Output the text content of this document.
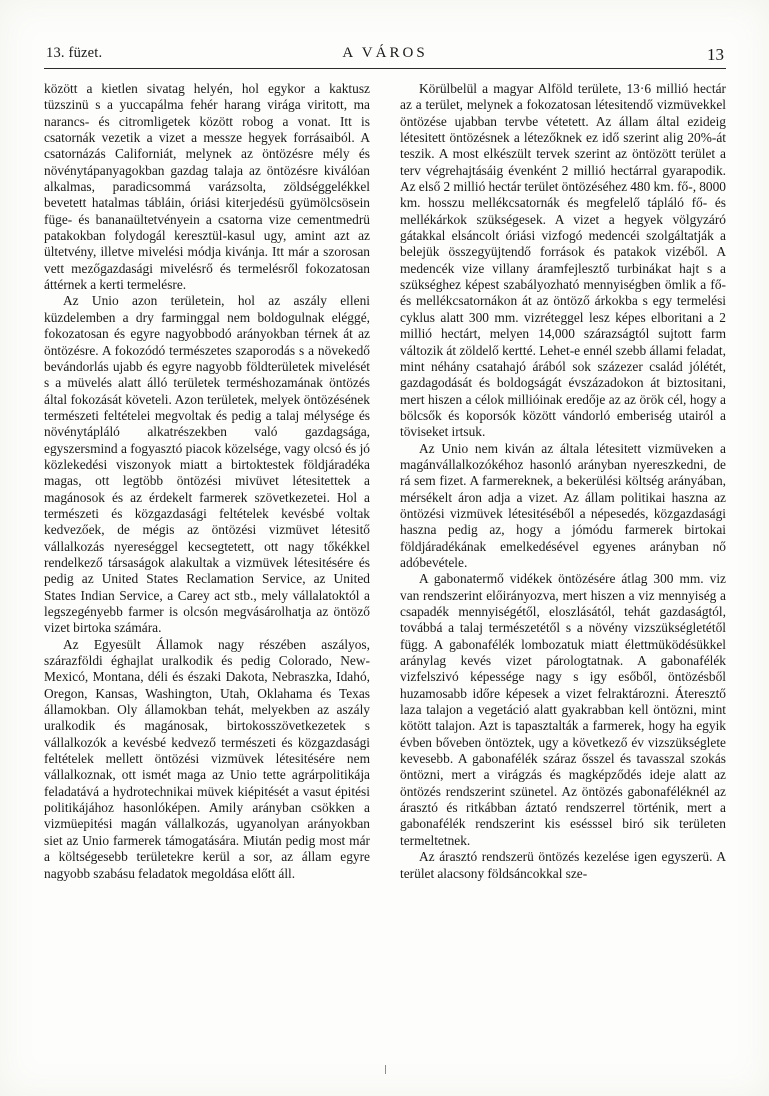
13. füzet.	A VÁROS	13

között a kietlen sivatag helyén, hol egykor a kaktusz tüzszinü s a yuccapálma fehér harang virága viritott, ma narancs- és citromligetek között robog a vonat. Itt is csatornák vezetik a vizet a messze hegyek forrásaiból. A csatornázás Californiát, melynek az öntözésre mély és növénytápanyagokban gazdag talaja az öntözésre kiválóan alkalmas, paradicsommá varázsolta, zöldséggelékkel bevetett hatalmas tábláin, óriási kiterjedésü gyümölcsösein füge- és bananaültetvényein a csatorna vize cementmedrü patakokban folydogál keresztül-kasul ugy, amint azt az ültetvény, illetve mivelési módja kivánja. Itt már a szorosan vett mezőgazdasági mivelésrő és termelésről fokozatosan áttérnek a kerti termelésre.

Az Unio azon területein, hol az aszály elleni küzdelemben a dry farminggal nem boldogulnak eléggé, fokozatosan és egyre nagyobbodó arányokban térnek át az öntözésre. A fokozódó természetes szaporodás s a növekedő bevándorlás ujabb és egyre nagyobb földterületek mivelését s a müvelés alatt álló területek terméshozamának öntözés által fokozását követeli. Azon területek, melyek öntözésének természeti feltételei megvoltak és pedig a talaj mélysége és növénytápláló alkatrészekben való gazdagsága, egyszersmind a fogyasztó piacok közelsége, vagy olcsó és jó közlekedési viszonyok miatt a birtoktestek földjáradéka magas, ott legtöbb öntözési mivüvet létesitettek a magánosok és az érdekelt farmerek szövetkezetei. Hol a természeti és közgazdasági feltételek kevésbé voltak kedvezőek, de mégis az öntözési vizmüvet létesitő vállalkozás nyereséggel kecsegtetett, ott nagy tőkékkel rendelkező társaságok alakultak a vizmüvek létesitésére és pedig az United States Reclamation Service, az United States Indian Service, a Carey act stb., mely vállalatoktól a legszegényebb farmer is olcsón megvásárolhatja az öntöző vizet birtoka számára.

Az Egyesült Államok nagy részében aszályos, szárazföldi éghajlat uralkodik és pedig Colorado, New-Mexicó, Montana, déli és északi Dakota, Nebraszka, Idahó, Oregon, Kansas, Washington, Utah, Oklahama és Texas államokban. Oly államokban tehát, melyekben az aszály uralkodik és magánosak, birtokosszövetkezetek s vállalkozók a kevésbé kedvező természeti és közgazdasági feltételek mellett öntözési vizmüvek létesitésére nem vállalkoznak, ott ismét maga az Unio tette agrárpolitikája feladatává a hydrotechnikai müvek kiépitését a vasut épitési politikájához hasonlóképen. Amily arányban csökken a vizmüepitési magán vállalkozás, ugyanolyan arányokban siet az Unio farmerek támogatására. Miután pedig most már a költségesebb területekre kerül a sor, az állam egyre nagyobb szabásu feladatok megoldása előtt áll.

Körülbelül a magyar Alföld területe, 13·6 millió hectár az a terület, melynek a fokozatosan létesitendő vizmüvekkel öntözése ujabban tervbe vétetett. Az állam által ezideig létesitett öntözésnek a létezőknek ez idő szerint alig 20%-át teszik. A most elkészült tervek szerint az öntözött terület a terv végrehajtásáig évenként 2 millió hectárral gyarapodik. Az első 2 millió hectár terület öntözéséhez 480 km. fő-, 8000 km. hosszu mellékcsatornák és megfelelő tápláló fő- és mellékárkok szükségesek. A vizet a hegyek völgyzáró gátakkal elsáncolt óriási vizfogó medencéi szolgáltatják a belejük összegyüjtendő források és patakok vizéből. A medencék vize villany áramfejlesztő turbinákat hajt s a szükséghez képest szabályozható mennyiségben ömlik a fő- és mellékcsatornákon át az öntöző árkokba s egy termelési cyklus alatt 300 mm. vizréteggel lesz képes elboritani a 2 millió hectárt, melyen 14,000 szárazságtól sujtott farm változik át zöldelő kertté. Lehet-e ennél szebb állami feladat, mint néhány csatahajó árából sok százezer család jólétét, gazdagodását és boldogságát évszázadokon át biztositani, mert hiszen a célok millióinak eredője az az örök cél, hogy a bölcsők és koporsók között vándorló emberiség utairól a töviseket irtsuk.

Az Unio nem kiván az általa létesitett vizmüveken a magánvállalkozókéhoz hasonló arányban nyereszkedni, de rá sem fizet. A farmereknek, a bekerülési költség arányában, mérsékelt áron adja a vizet. Az állam politikai haszna az öntözési vizmüvek létesitéséből a népesedés, közgazdasági haszna pedig az, hogy a jómódu farmerek birtokai földjáradékának emelkedésével egyenes arányban nő adóbevétele.

A gabonatermő vidékek öntözésére átlag 300 mm. viz van rendszerint előirányozva, mert hiszen a viz mennyiség a csapadék mennyiségétől, eloszlásától, tehát gazdaságtól, továbbá a talaj természetétől s a növény vizszükségletétől függ. A gabonafélék lombozatuk miatt élettmüködésükkel aránylag kevés vizet párologtatnak. A gabonafélék vizfelszivó képessége nagy s igy esőből, öntözésből huzamosabb időre képesek a vizet felraktározni. Áteresztő laza talajon a vegetáció alatt gyakrabban kell öntözni, mint kötött talajon. Azt is tapasztalták a farmerek, hogy ha egyik évben bőveben öntöztek, ugy a következő év vizszükséglete kevesebb. A gabonafélék száraz ősszel és tavasszal szokás öntözni, mert a virágzás és magképződés ideje alatt az öntözés rendszerint szünetel. Az öntözés gabonaféléknél az árasztó és ritkábban áztató rendszerrel történik, mert a gabonafélék rendszerint kis esésssel biró sik területen termeltetnek.

Az árasztó rendszerü öntözés kezelése igen egyszerü. A terület alacsony földsáncokkal sze-
